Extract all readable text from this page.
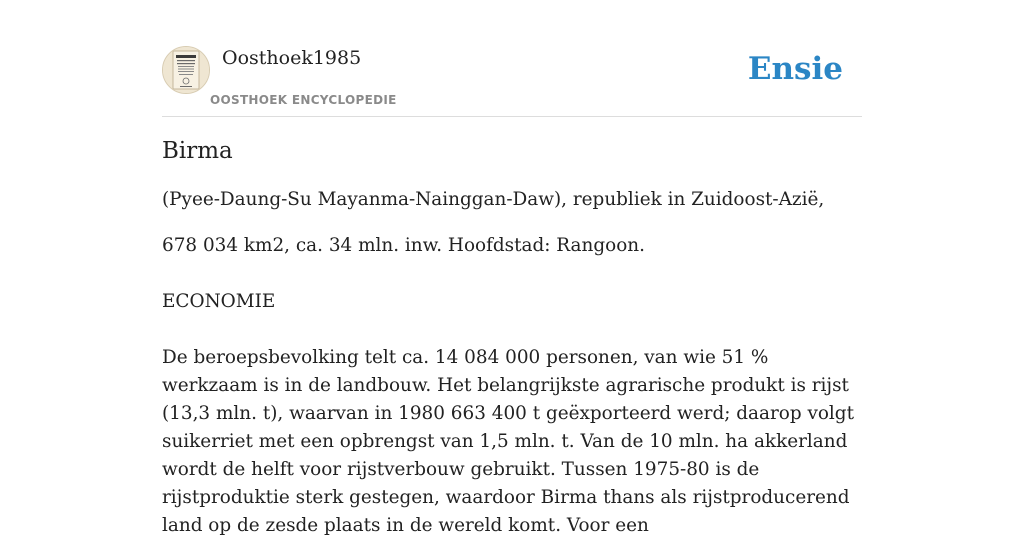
Oosthoek1985
OOSTHOEK ENCYCLOPEDIE
Ensie
Birma

(Pyee-Daung-Su Mayanma-Nainggan-Daw), republiek in Zuidoost-Azië,

678 034 km2, ca. 34 mln. inw. Hoofdstad: Rangoon.

ECONOMIE

De beroepsbevolking telt ca. 14 084 000 personen, van wie 51 % werkzaam is in de landbouw. Het belangrijkste agrarische produkt is rijst (13,3 mln. t), waarvan in 1980 663 400 t geëxporteerd werd; daarop volgt suikerriet met een opbrengst van 1,5 mln. t. Van de 10 mln. ha akkerland wordt de helft voor rijstverbouw gebruikt. Tussen 1975-80 is de rijstproduktie sterk gestegen, waardoor Birma thans als rijstproducerend land op de zesde plaats in de wereld komt. Voor een
